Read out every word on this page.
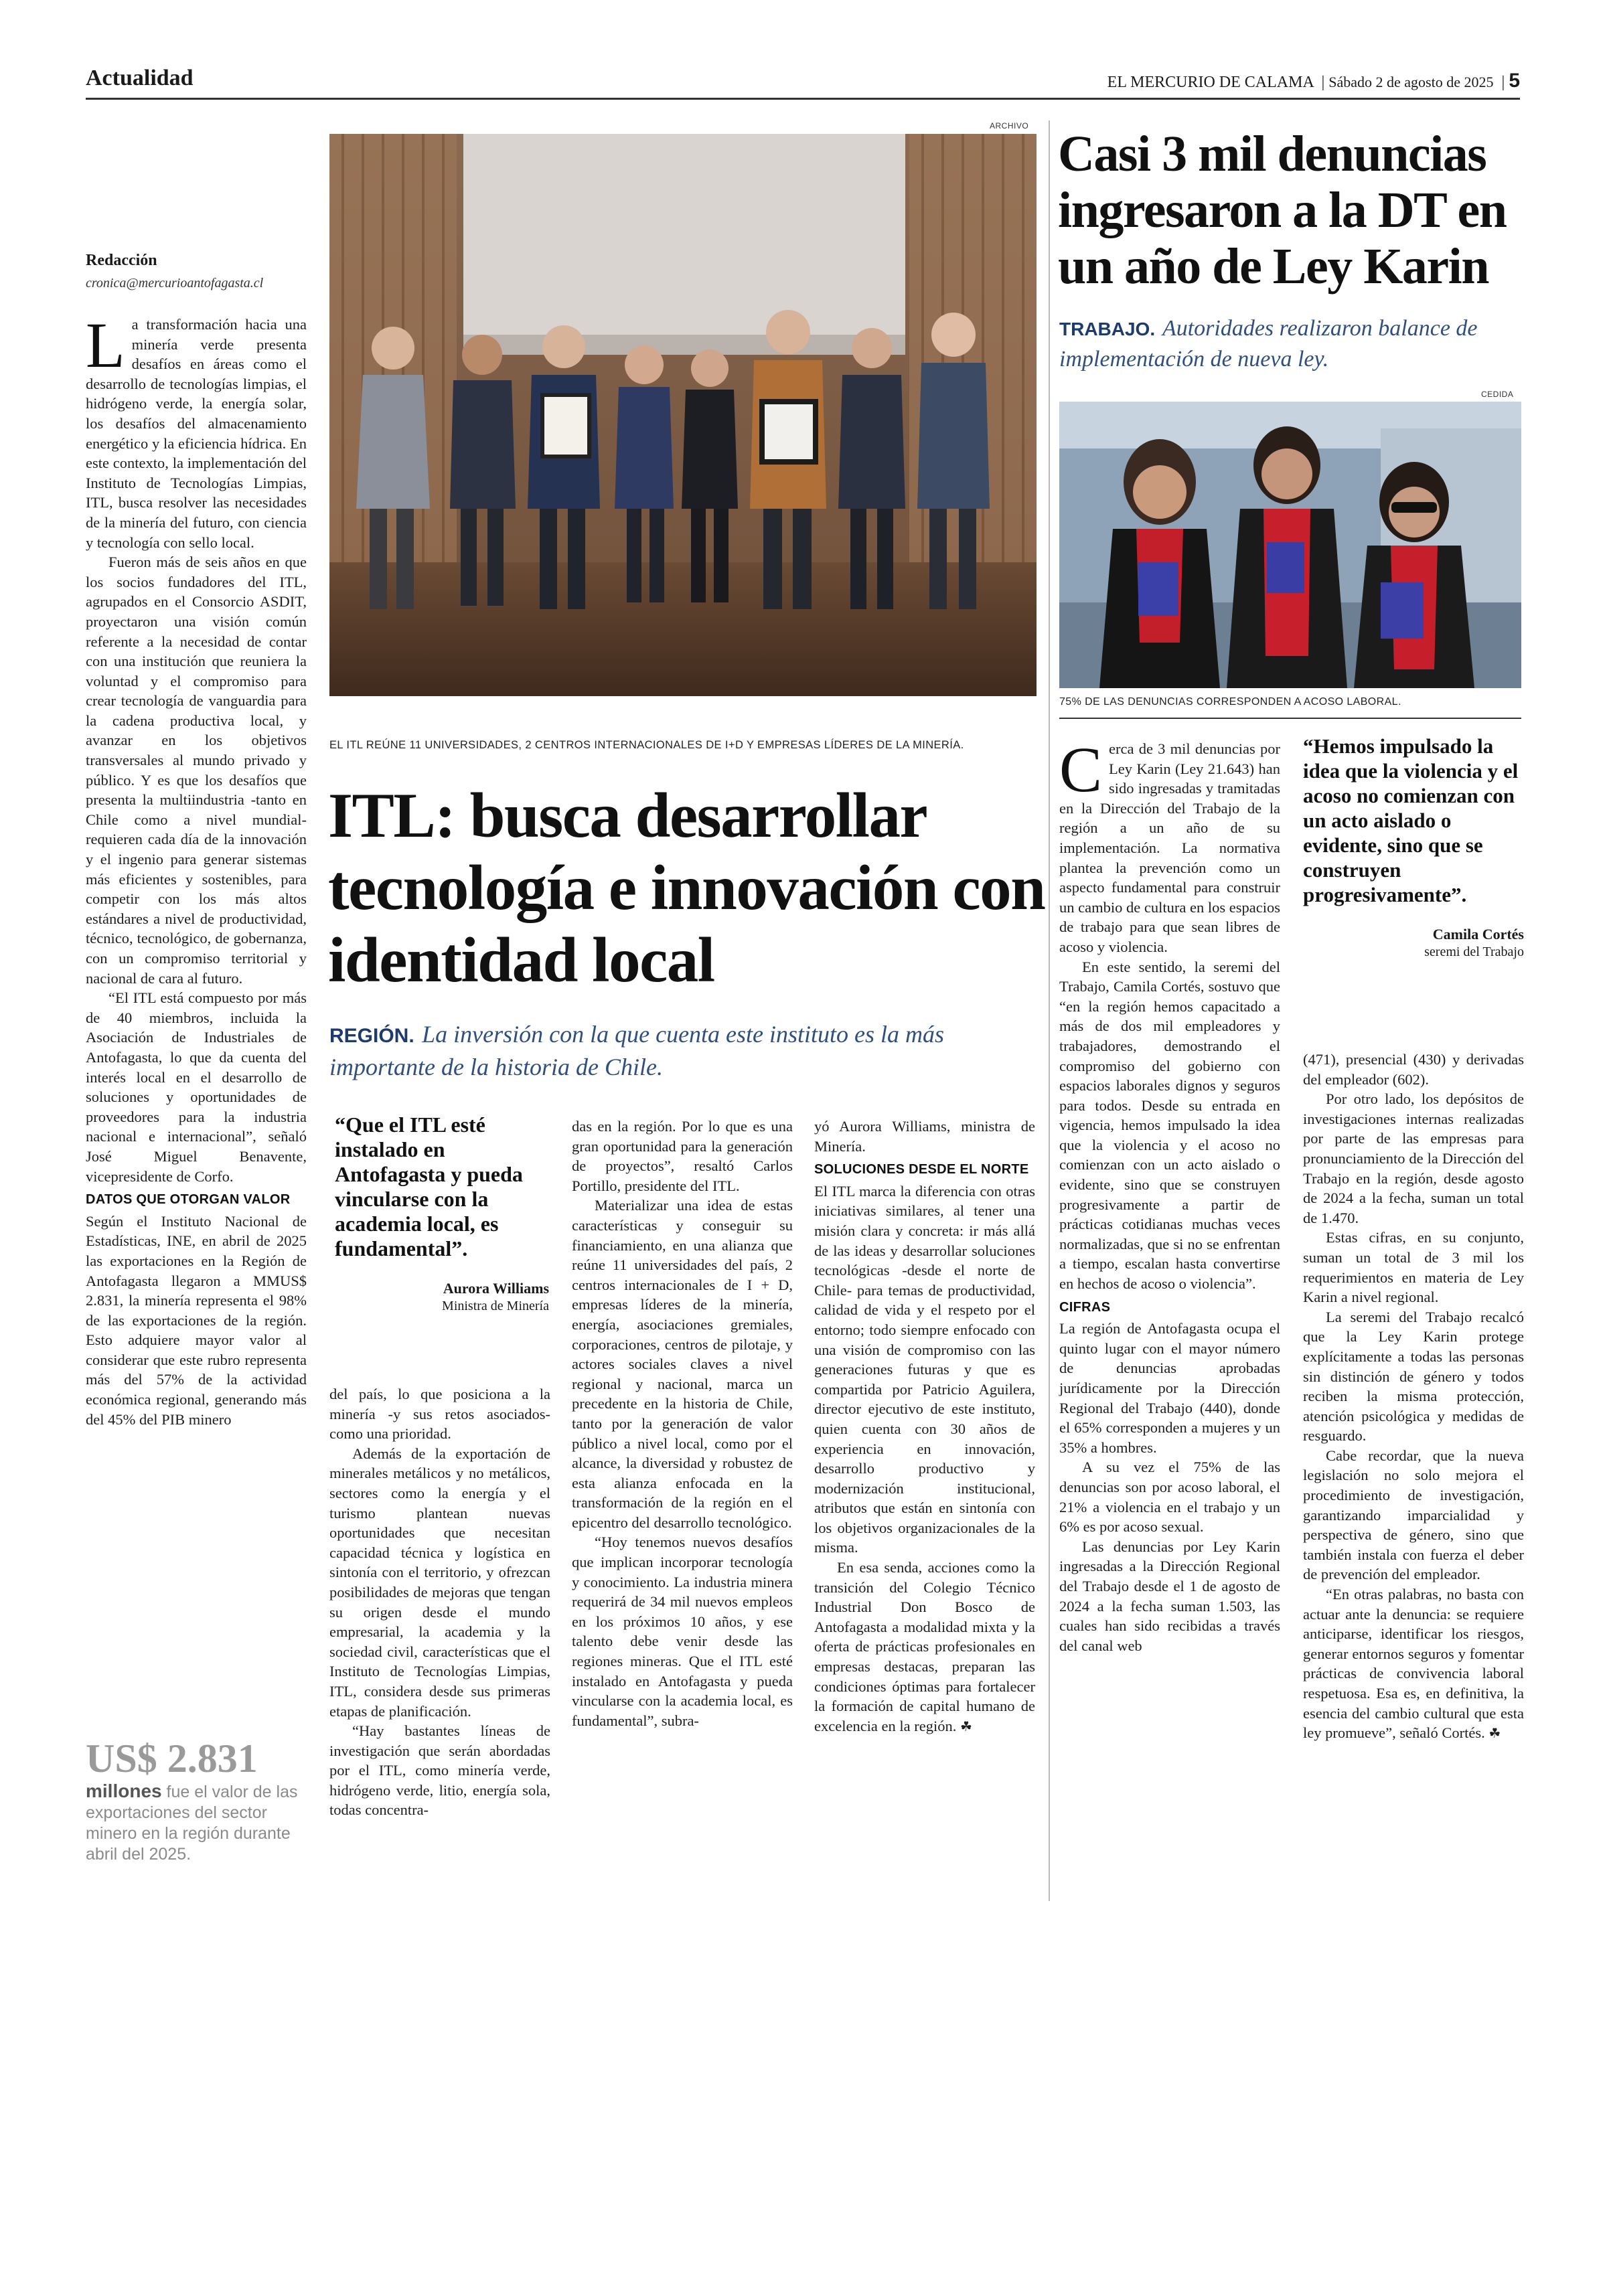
Actualidad	EL MERCURIO DE CALAMA | Sábado 2 de agosto de 2025 | 5
Redacción
cronica@mercurioantofagasta.cl
ARCHIVO
EL ITL REÚNE 11 UNIVERSIDADES, 2 CENTROS INTERNACIONALES DE I+D Y EMPRESAS LÍDERES DE LA MINERÍA.
ITL: busca desarrollar tecnología e innovación con identidad local
REGIÓN. La inversión con la que cuenta este instituto es la más importante de la historia de Chile.
L a transformación hacia una minería verde presenta desafíos en áreas como el desarrollo de tecnologías limpias, el hidrógeno verde, la energía solar, los desafíos del almacenamiento energético y la eficiencia hídrica. En este contexto, la implementación del Instituto de Tecnologías Limpias, ITL, busca resolver las necesidades de la minería del futuro, con ciencia y tecnología con sello local.

Fueron más de seis años en que los socios fundadores del ITL, agrupados en el Consorcio ASDIT, proyectaron una visión común referente a la necesidad de contar con una institución que reuniera la voluntad y el compromiso para crear tecnología de vanguardia para la cadena productiva local, y avanzar en los objetivos transversales al mundo privado y público. Y es que los desafíos que presenta la multiindustria -tanto en Chile como a nivel mundial- requieren cada día de la innovación y el ingenio para generar sistemas más eficientes y sostenibles, para competir con los más altos estándares a nivel de productividad, técnico, tecnológico, de gobernanza, con un compromiso territorial y nacional de cara al futuro.

“El ITL está compuesto por más de 40 miembros, incluida la Asociación de Industriales de Antofagasta, lo que da cuenta del interés local en el desarrollo de soluciones y oportunidades de proveedores para la industria nacional e internacional”, señaló José Miguel Benavente, vicepresidente de Corfo.

DATOS QUE OTORGAN VALOR

Según el Instituto Nacional de Estadísticas, INE, en abril de 2025 las exportaciones en la Región de Antofagasta llegaron a MMUS$ 2.831, la minería representa el 98% de las exportaciones de la región. Esto adquiere mayor valor al considerar que este rubro representa más del 57% de la actividad económica regional, generando más del 45% del PIB minero

US$ 2.831
millones fue el valor de las exportaciones del sector minero en la región durante abril del 2025.
“Que el ITL esté instalado en Antofagasta y pueda vincularse con la academia local, es fundamental”.
Aurora Williams
Ministra de Minería

del país, lo que posiciona a la minería -y sus retos asociados- como una prioridad.

Además de la exportación de minerales metálicos y no metálicos, sectores como la energía y el turismo plantean nuevas oportunidades que necesitan capacidad técnica y logística en sintonía con el territorio, y ofrezcan posibilidades de mejoras que tengan su origen desde el mundo empresarial, la academia y la sociedad civil, características que el Instituto de Tecnologías Limpias, ITL, considera desde sus primeras etapas de planificación.

“Hay bastantes líneas de investigación que serán abordadas por el ITL, como minería verde, hidrógeno verde, litio, energía sola, todas concentra-

das en la región. Por lo que es una gran oportunidad para la generación de proyectos”, resaltó Carlos Portillo, presidente del ITL.

Materializar una idea de estas características y conseguir su financiamiento, en una alianza que reúne 11 universidades del país, 2 centros internacionales de I + D, empresas líderes de la minería, energía, asociaciones gremiales, corporaciones, centros de pilotaje, y actores sociales claves a nivel regional y nacional, marca un precedente en la historia de Chile, tanto por la generación de valor público a nivel local, como por el alcance, la diversidad y robustez de esta alianza enfocada en la transformación de la región en el epicentro del desarrollo tecnológico.

“Hoy tenemos nuevos desafíos que implican incorporar tecnología y conocimiento. La industria minera requerirá de 34 mil nuevos empleos en los próximos 10 años, y ese talento debe venir desde las regiones mineras. Que el ITL esté instalado en Antofagasta y pueda vincularse con la academia local, es fundamental”, subra-

yó Aurora Williams, ministra de Minería.

SOLUCIONES DESDE EL NORTE

El ITL marca la diferencia con otras iniciativas similares, al tener una misión clara y concreta: ir más allá de las ideas y desarrollar soluciones tecnológicas -desde el norte de Chile- para temas de productividad, calidad de vida y el respeto por el entorno; todo siempre enfocado con una visión de compromiso con las generaciones futuras y que es compartida por Patricio Aguilera, director ejecutivo de este instituto, quien cuenta con 30 años de experiencia en innovación, desarrollo productivo y modernización institucional, atributos que están en sintonía con los objetivos organizacionales de la misma.

En esa senda, acciones como la transición del Colegio Técnico Industrial Don Bosco de Antofagasta a modalidad mixta y la oferta de prácticas profesionales en empresas destacas, preparan las condiciones óptimas para fortalecer la formación de capital humano de excelencia en la región. ☘

Casi 3 mil denuncias ingresaron a la DT en un año de Ley Karin
TRABAJO. Autoridades realizaron balance de implementación de nueva ley.
CEDIDA
75% DE LAS DENUNCIAS CORRESPONDEN A ACOSO LABORAL.
C erca de 3 mil denuncias por Ley Karin (Ley 21.643) han sido ingresadas y tramitadas en la Dirección del Trabajo de la región a un año de su implementación. La normativa plantea la prevención como un aspecto fundamental para construir un cambio de cultura en los espacios de trabajo para que sean libres de acoso y violencia.

En este sentido, la seremi del Trabajo, Camila Cortés, sostuvo que “en la región hemos capacitado a más de dos mil empleadores y trabajadores, demostrando el compromiso del gobierno con espacios laborales dignos y seguros para todos. Desde su entrada en vigencia, hemos impulsado la idea que la violencia y el acoso no comienzan con un acto aislado o evidente, sino que se construyen progresivamente a partir de prácticas cotidianas muchas veces normalizadas, que si no se enfrentan a tiempo, escalan hasta convertirse en hechos de acoso o violencia”.

CIFRAS

La región de Antofagasta ocupa el quinto lugar con el mayor número de denuncias aprobadas jurídicamente por la Dirección Regional del Trabajo (440), donde el 65% corresponden a mujeres y un 35% a hombres.

A su vez el 75% de las denuncias son por acoso laboral, el 21% a violencia en el trabajo y un 6% es por acoso sexual.

Las denuncias por Ley Karin ingresadas a la Dirección Regional del Trabajo desde el 1 de agosto de 2024 a la fecha suman 1.503, las cuales han sido recibidas a través del canal web

“Hemos impulsado la idea que la violencia y el acoso no comienzan con un acto aislado o evidente, sino que se construyen progresivamente”.
Camila Cortés
seremi del Trabajo

(471), presencial (430) y derivadas del empleador (602).

Por otro lado, los depósitos de investigaciones internas realizadas por parte de las empresas para pronunciamiento de la Dirección del Trabajo en la región, desde agosto de 2024 a la fecha, suman un total de 1.470.

Estas cifras, en su conjunto, suman un total de 3 mil los requerimientos en materia de Ley Karin a nivel regional.

La seremi del Trabajo recalcó que la Ley Karin protege explícitamente a todas las personas sin distinción de género y todos reciben la misma protección, atención psicológica y medidas de resguardo.

Cabe recordar, que la nueva legislación no solo mejora el procedimiento de investigación, garantizando imparcialidad y perspectiva de género, sino que también instala con fuerza el deber de prevención del empleador.

“En otras palabras, no basta con actuar ante la denuncia: se requiere anticiparse, identificar los riesgos, generar entornos seguros y fomentar prácticas de convivencia laboral respetuosa. Esa es, en definitiva, la esencia del cambio cultural que esta ley promueve”, señaló Cortés. ☘
